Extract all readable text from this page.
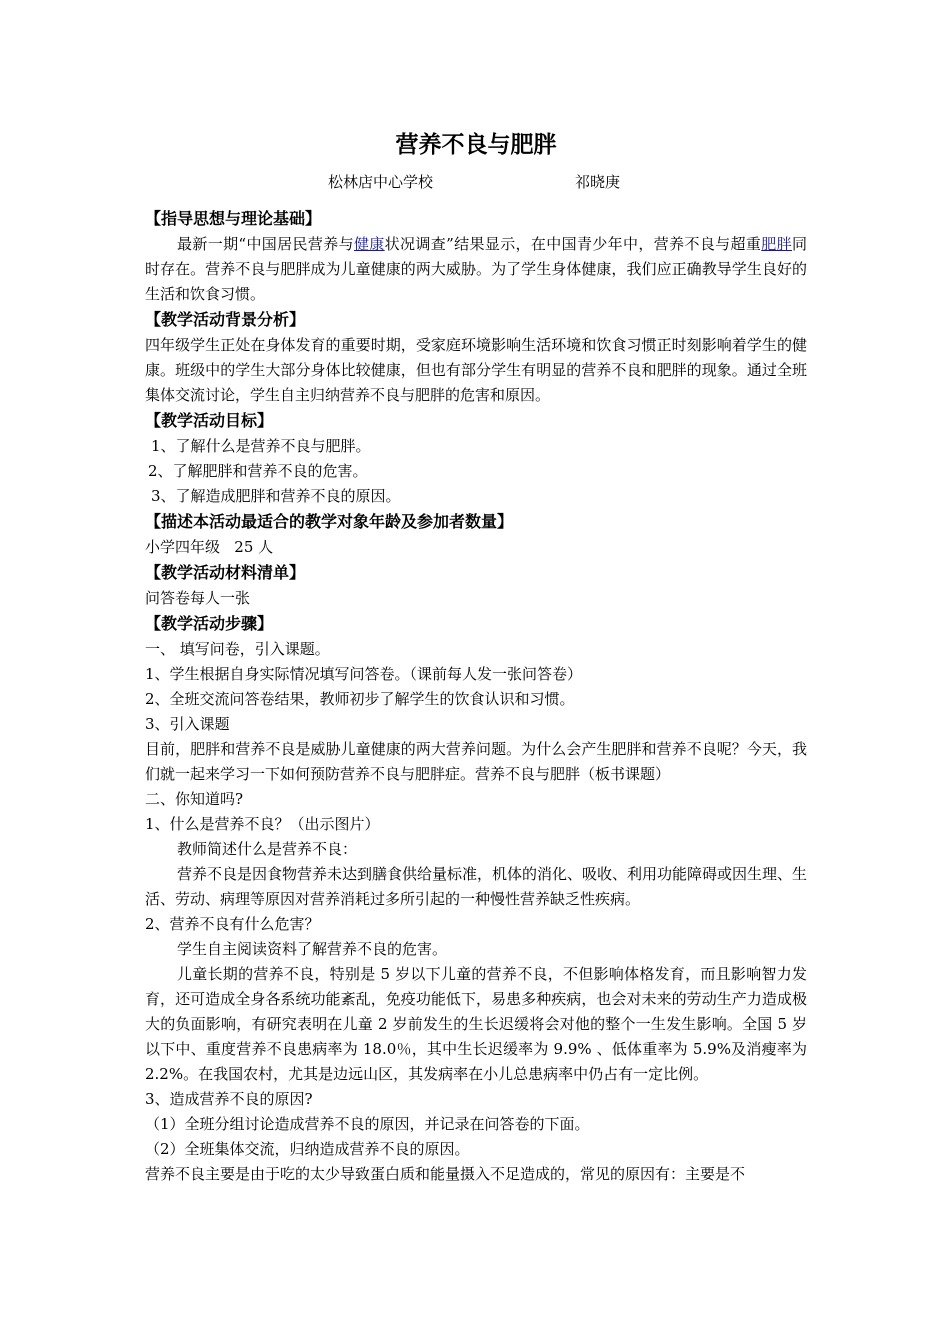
营养不良与肥胖
松林店中心学校	祁晓庚
【指导思想与理论基础】

最新一期“中国居民营养与健康状况调查”结果显示，在中国青少年中，营养不良与超重肥胖同时存在。营养不良与肥胖成为儿童健康的两大威胁。为了学生身体健康，我们应正确教导学生良好的生活和饮食习惯。

【教学活动背景分析】

四年级学生正处在身体发育的重要时期，受家庭环境影响生活环境和饮食习惯正时刻影响着学生的健康。班级中的学生大部分身体比较健康，但也有部分学生有明显的营养不良和肥胖的现象。通过全班集体交流讨论，学生自主归纳营养不良与肥胖的危害和原因。

【教学活动目标】

1、了解什么是营养不良与肥胖。

2、了解肥胖和营养不良的危害。

3、了解造成肥胖和营养不良的原因。

【描述本活动最适合的教学对象年龄及参加者数量】

小学四年级   25 人

【教学活动材料清单】

问答卷每人一张

【教学活动步骤】

一、 填写问卷，引入课题。

1、学生根据自身实际情况填写问答卷。（课前每人发一张问答卷）

2、全班交流问答卷结果，教师初步了解学生的饮食认识和习惯。

3、引入课题

目前，肥胖和营养不良是威胁儿童健康的两大营养问题。为什么会产生肥胖和营养不良呢？今天，我们就一起来学习一下如何预防营养不良与肥胖症。营养不良与肥胖（板书课题）

二、你知道吗?

1、什么是营养不良？（出示图片）

教师简述什么是营养不良：

营养不良是因食物营养未达到膳食供给量标准，机体的消化、吸收、利用功能障碍或因生理、生活、劳动、病理等原因对营养消耗过多所引起的一种慢性营养缺乏性疾病。

2、营养不良有什么危害？

学生自主阅读资料了解营养不良的危害。

儿童长期的营养不良，特别是 5 岁以下儿童的营养不良，不但影响体格发育，而且影响智力发育，还可造成全身各系统功能紊乱，免疫功能低下，易患多种疾病，也会对未来的劳动生产力造成极大的负面影响，有研究表明在儿童 2 岁前发生的生长迟缓将会对他的整个一生发生影响。全国 5 岁以下中、重度营养不良患病率为 18.0％，其中生长迟缓率为 9.9% 、低体重率为 5.9%及消瘦率为 2.2%。在我国农村，尤其是边远山区，其发病率在小儿总患病率中仍占有一定比例。

3、造成营养不良的原因?

（1）全班分组讨论造成营养不良的原因，并记录在问答卷的下面。

（2）全班集体交流，归纳造成营养不良的原因。

营养不良主要是由于吃的太少导致蛋白质和能量摄入不足造成的，常见的原因有：主要是不
